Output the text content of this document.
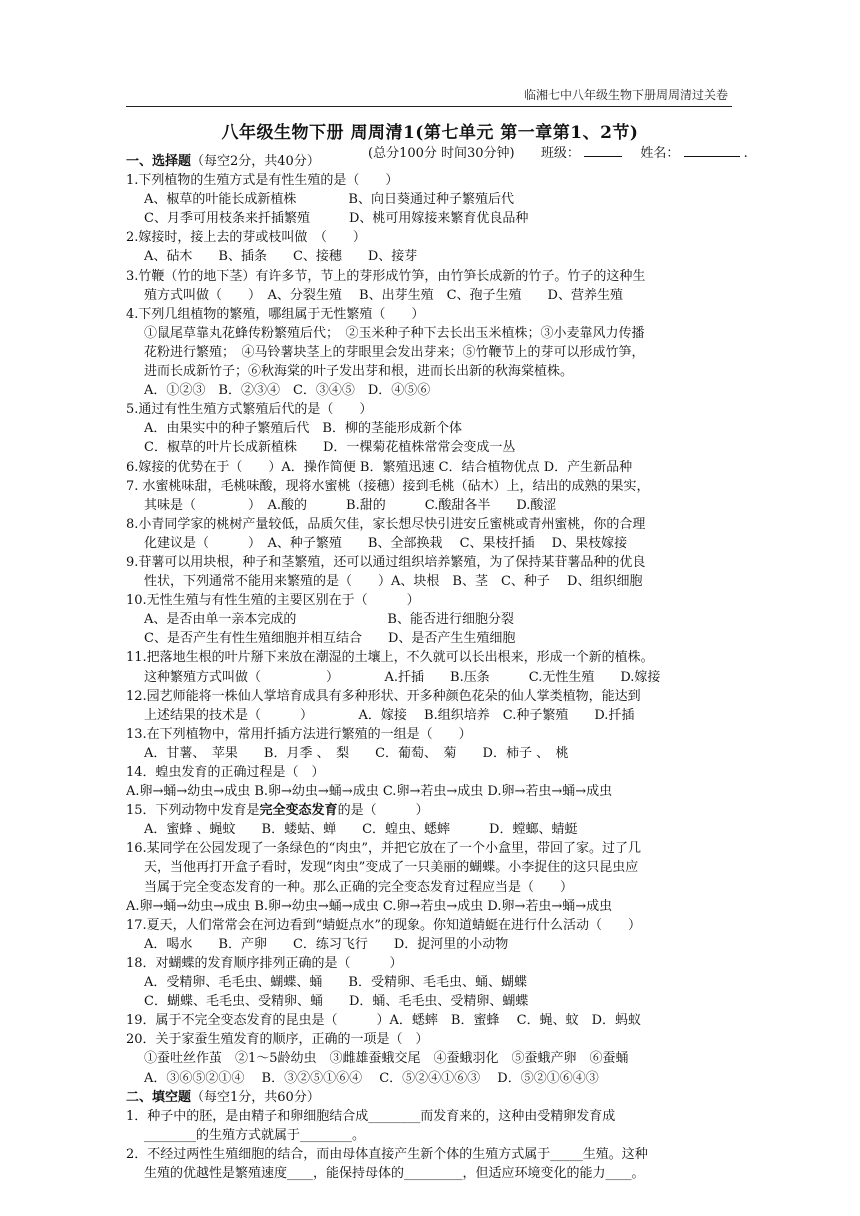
临湘七中八年级生物下册周周清过关卷
八年级生物下册 周周清1(第七单元 第一章第1、2节)
(总分100分 时间30分钟) 班级：	姓名：	.
一、选择题（每空2分，共40分）
1.下列植物的生殖方式是有性生殖的是（　　）
A、椒草的叶能长成新植株　　　　B、向日葵通过种子繁殖后代
C、月季可用枝条来扦插繁殖　　　D、桃可用嫁接来繁育优良品种
2.嫁接时，接上去的芽或枝叫做　（　　）
A、砧木　　B、插条　　C、接穗　　D、接芽
3.竹鞭（竹的地下茎）有许多节，节上的芽形成竹笋，由竹笋长成新的竹子。竹子的这种生
殖方式叫做（　　）　A、分裂生殖　 B、出芽生殖　C、孢子生殖　　D、营养生殖
4.下列几组植物的繁殖，哪组属于无性繁殖（　　）
①鼠尾草靠丸花蜂传粉繁殖后代；　②玉米种子种下去长出玉米植株；③小麦靠风力传播
花粉进行繁殖；　④马铃薯块茎上的芽眼里会发出芽来；⑤竹鞭节上的芽可以形成竹笋，
进而长成新竹子；⑥秋海棠的叶子发出芽和根，进而长出新的秋海棠植株。
A．①②③　B．②③④　C．③④⑤　D．④⑤⑥
5.通过有性生殖方式繁殖后代的是（　　）
A．由果实中的种子繁殖后代　B．柳的茎能形成新个体
C．椒草的叶片长成新植株　　D．一棵菊花植株常常会变成一丛
6.嫁接的优势在于（　　）A．操作简便 B．繁殖迅速 C．结合植物优点 D．产生新品种
7. 水蜜桃味甜，毛桃味酸，现将水蜜桃（接穗）接到毛桃（砧木）上，结出的成熟的果实，
其味是（　　　　）　A.酸的　　　B.甜的　　　C.酸甜各半　　D.酸涩
8.小青同学家的桃树产量较低，品质欠佳，家长想尽快引进安丘蜜桃或青州蜜桃，你的合理
化建议是（　　　）　A、种子繁殖　　B、全部换栽　 C、果枝扦插　 D、果枝嫁接
9.苷薯可以用块根，种子和茎繁殖，还可以通过组织培养繁殖，为了保持某苷薯品种的优良
性状，下列通常不能用来繁殖的是（　　）A、块根　B、茎　C、种子　 D、组织细胞
10.无性生殖与有性生殖的主要区别在于（　　　）
A、是否由单一亲本完成的　　　　　　　B、能否进行细胞分裂
C、是否产生有性生殖细胞并相互结合　　D、是否产生生殖细胞
11.把落地生根的叶片掰下来放在潮湿的土壤上，不久就可以长出根来，形成一个新的植株。
这种繁殖方式叫做（　　　　　）　　　　A.扦插　　B.压条　　　C.无性生殖　　D.嫁接
12.园艺师能将一株仙人掌培育成具有多种形状、开多种颜色花朵的仙人掌类植物，能达到
上述结果的技术是（　　　）　　　　A．嫁接　 B.组织培养　C.种子繁殖　　D.扦插
13.在下列植物中，常用扦插方法进行繁殖的一组是（　　）
A．甘薯、　苹果　　B．月季 、　梨　　C．葡萄、　菊　　D．柿子 、　桃
14．蝗虫发育的正确过程是（　）
A.卵→蛹→幼虫→成虫 B.卵→幼虫→蛹→成虫 C.卵→若虫→成虫 D.卵→若虫→蛹→成虫
15．下列动物中发育是完全变态发育的是（　　　）
A．蜜蜂 、蝇蚊　　B．蝼蛄、蝉　　C．蝗虫、蟋蟀　　　D．螳螂、蜻蜓
16.某同学在公园发现了一条绿色的“肉虫”，并把它放在了一个小盒里，带回了家。过了几
天，当他再打开盒子看时，发现“肉虫”变成了一只美丽的蝴蝶。小李捉住的这只昆虫应
当属于完全变态发育的一种。那么正确的完全变态发育过程应当是（　　）
A.卵→蛹→幼虫→成虫 B.卵→幼虫→蛹→成虫 C.卵→若虫→成虫 D.卵→若虫→蛹→成虫
17.夏天，人们常常会在河边看到“蜻蜓点水”的现象。你知道蜻蜓在进行什么活动（　　）
A．喝水　　B．产卵　　C．练习飞行　　D．捉河里的小动物
18．对蝴蝶的发育顺序排列正确的是（　　　）
A．受精卵、毛毛虫、蝴蝶、蛹　　B．受精卵、毛毛虫、蛹、蝴蝶
C．蝴蝶、毛毛虫、受精卵、蛹　　D．蛹、毛毛虫、受精卵、蝴蝶
19．属于不完全变态发育的昆虫是（　　　）A．蟋蟀　B．蜜蜂　 C．蝇、蚊　D．蚂蚁
20．关于家蚕生殖发育的顺序，正确的一项是（　）
①蚕吐丝作茧　②1～5龄幼虫　③雌雄蚕蛾交尾　④蚕蛾羽化　⑤蚕蛾产卵　⑥蚕蛹
A．③⑥⑤②①④　 B．③②⑤①⑥④　 C．⑤②④①⑥③　 D．⑤②①⑥④③
二、填空题（每空1分，共60分）
1．种子中的胚，是由精子和卵细胞结合成________而发育来的，这种由受精卵发育成
________的生殖方式就属于________。
2．不经过两性生殖细胞的结合，而由母体直接产生新个体的生殖方式属于_____生殖。这种
生殖的优越性是繁殖速度____，能保持母体的_________，但适应环境变化的能力____。
